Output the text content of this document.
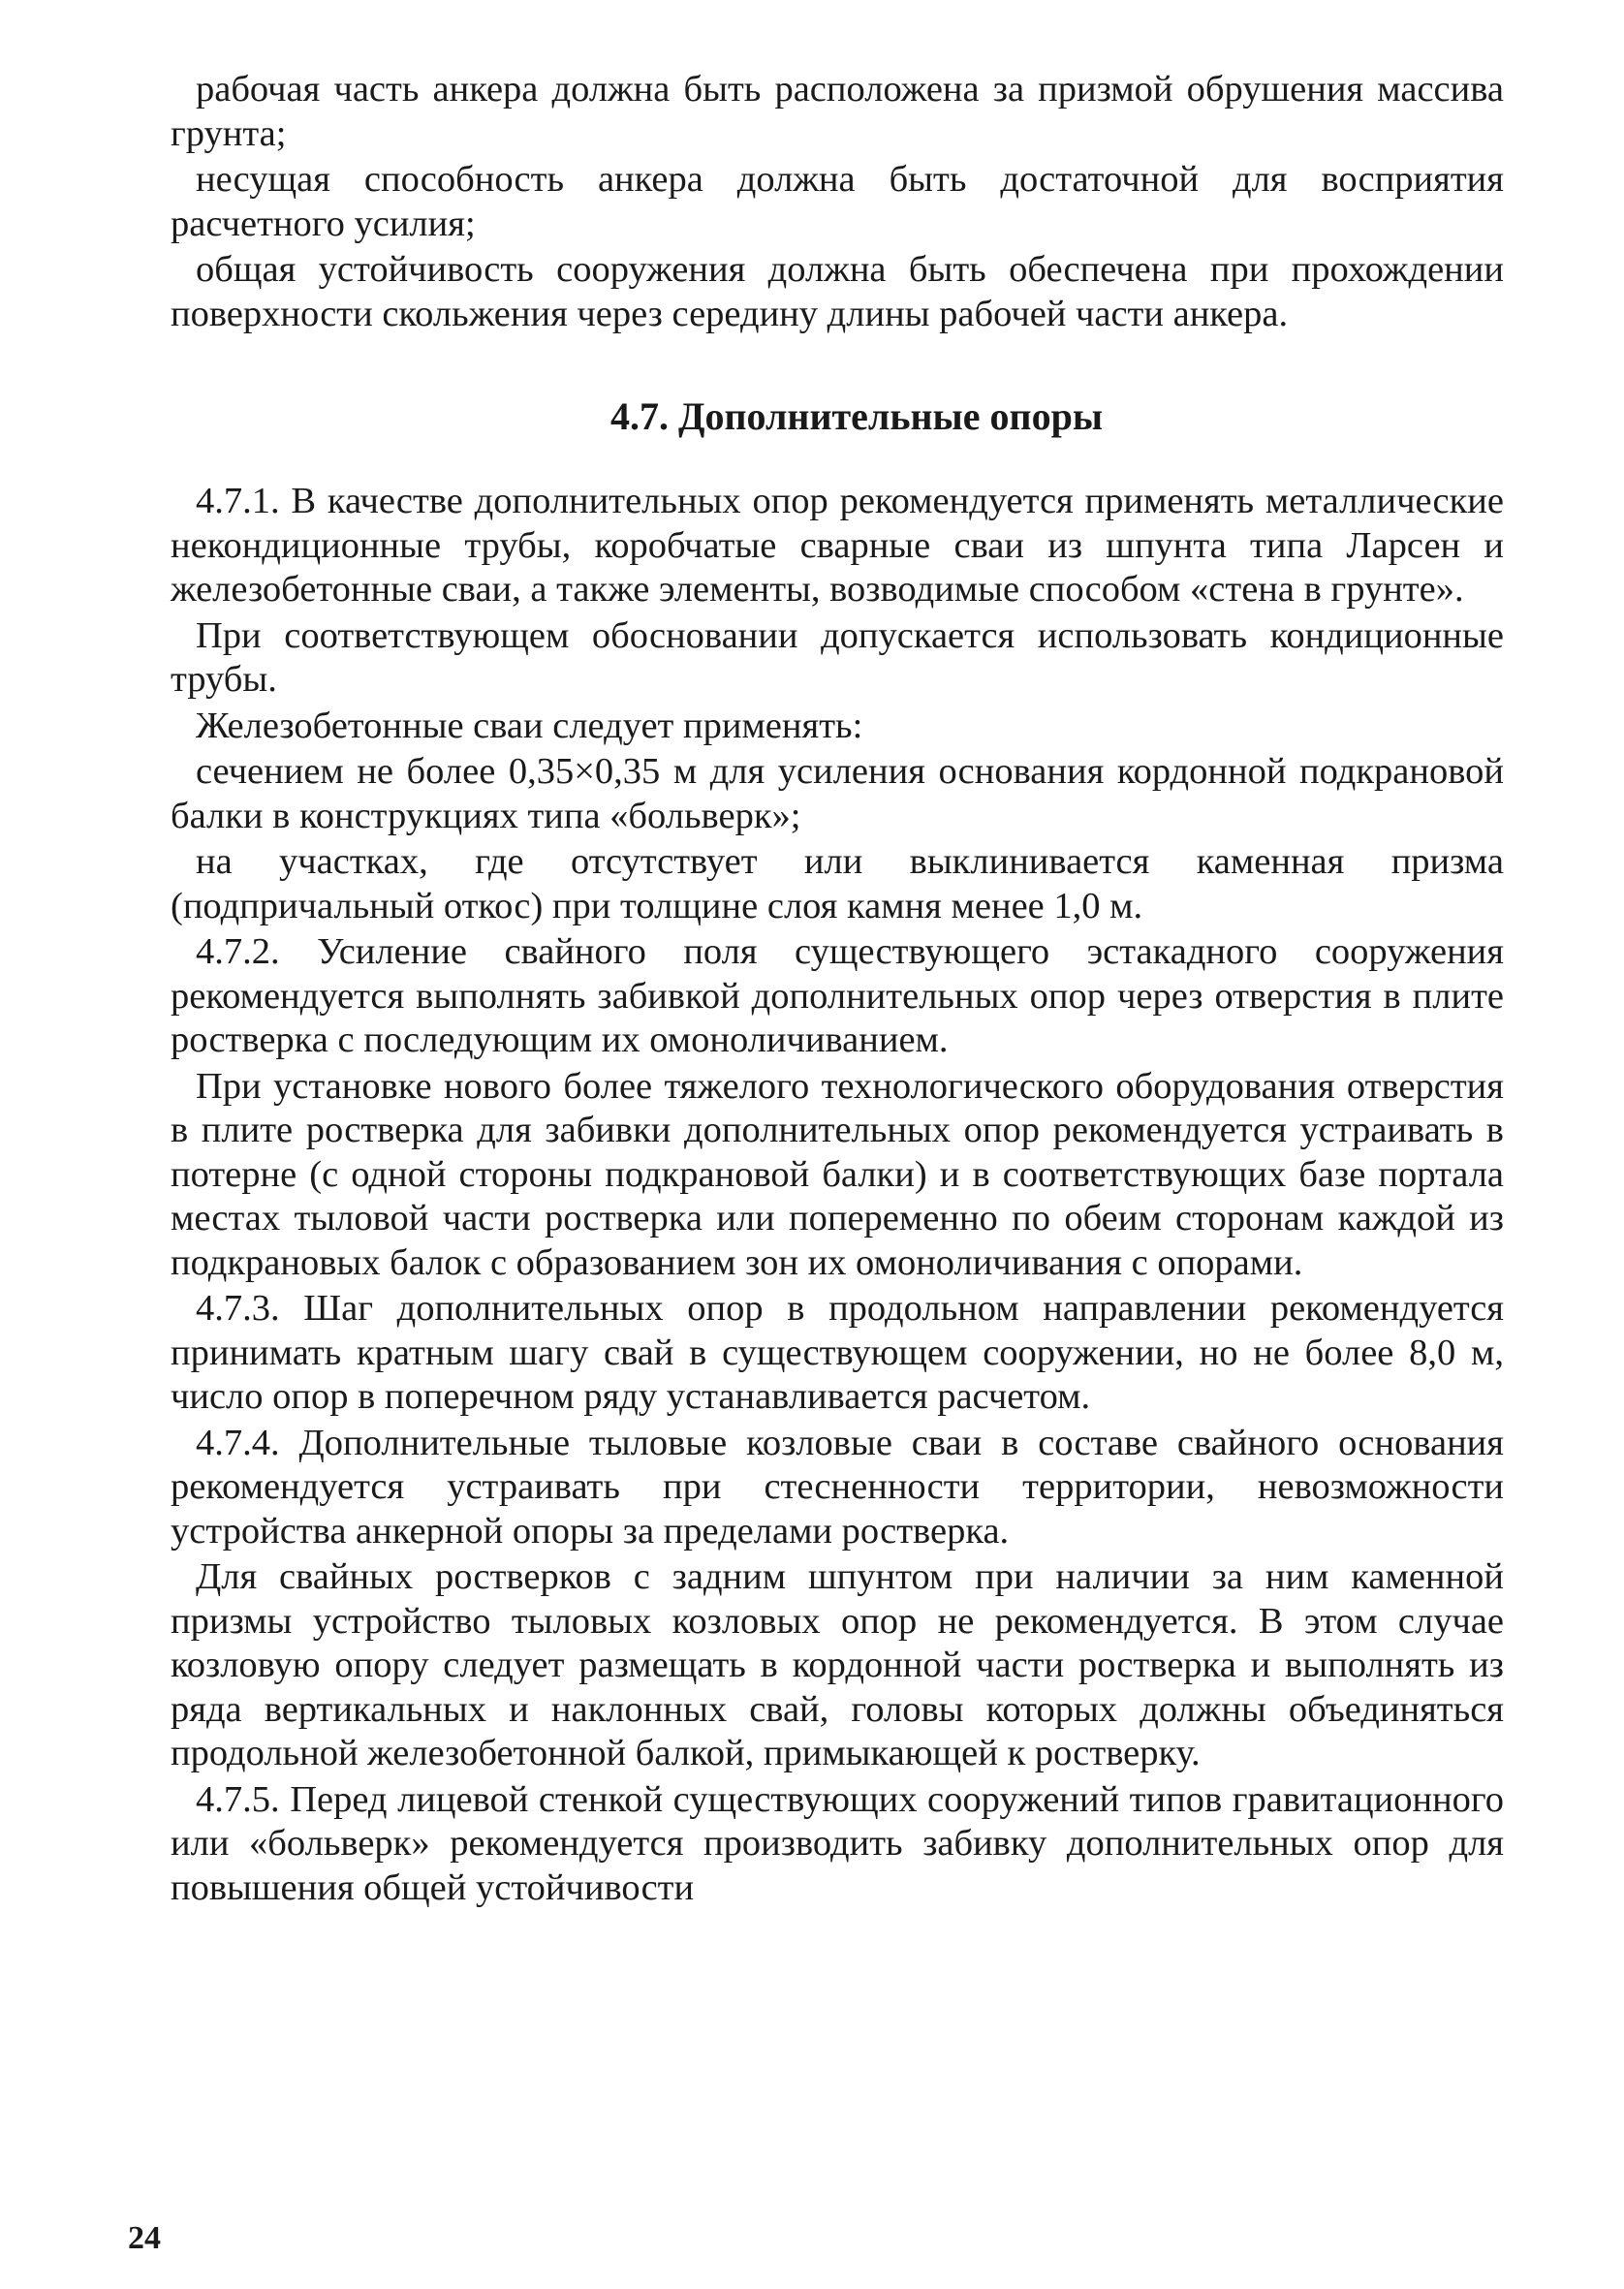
рабочая часть анкера должна быть расположена за призмой обрушения массива грунта;

несущая способность анкера должна быть достаточной для восприятия расчетного усилия;

общая устойчивость сооружения должна быть обеспечена при прохождении поверхности скольжения через середину длины рабочей части анкера.

4.7. Дополнительные опоры

4.7.1. В качестве дополнительных опор рекомендуется применять металлические некондиционные трубы, коробчатые сварные сваи из шпунта типа Ларсен и железобетонные сваи, а также элементы, возводимые способом «стена в грунте».

При соответствующем обосновании допускается использовать кондиционные трубы.

Железобетонные сваи следует применять:

сечением не более 0,35×0,35 м для усиления основания кордонной подкрановой балки в конструкциях типа «больверк»;

на участках, где отсутствует или выклинивается каменная призма (подпричальный откос) при толщине слоя камня менее 1,0 м.

4.7.2. Усиление свайного поля существующего эстакадного сооружения рекомендуется выполнять забивкой дополнительных опор через отверстия в плите ростверка с последующим их омоноличиванием.

При установке нового более тяжелого технологического оборудования отверстия в плите ростверка для забивки дополнительных опор рекомендуется устраивать в потерне (с одной стороны подкрановой балки) и в соответствующих базе портала местах тыловой части ростверка или попеременно по обеим сторонам каждой из подкрановых балок с образованием зон их омоноличивания с опорами.

4.7.3. Шаг дополнительных опор в продольном направлении рекомендуется принимать кратным шагу свай в существующем сооружении, но не более 8,0 м, число опор в поперечном ряду устанавливается расчетом.

4.7.4. Дополнительные тыловые козловые сваи в составе свайного основания рекомендуется устраивать при стесненности территории, невозможности устройства анкерной опоры за пределами ростверка.

Для свайных ростверков с задним шпунтом при наличии за ним каменной призмы устройство тыловых козловых опор не рекомендуется. В этом случае козловую опору следует размещать в кордонной части ростверка и выполнять из ряда вертикальных и наклонных свай, головы которых должны объединяться продольной железобетонной балкой, примыкающей к ростверку.

4.7.5. Перед лицевой стенкой существующих сооружений типов гравитационного или «больверк» рекомендуется производить забивку дополнительных опор для повышения общей устойчивости

24
